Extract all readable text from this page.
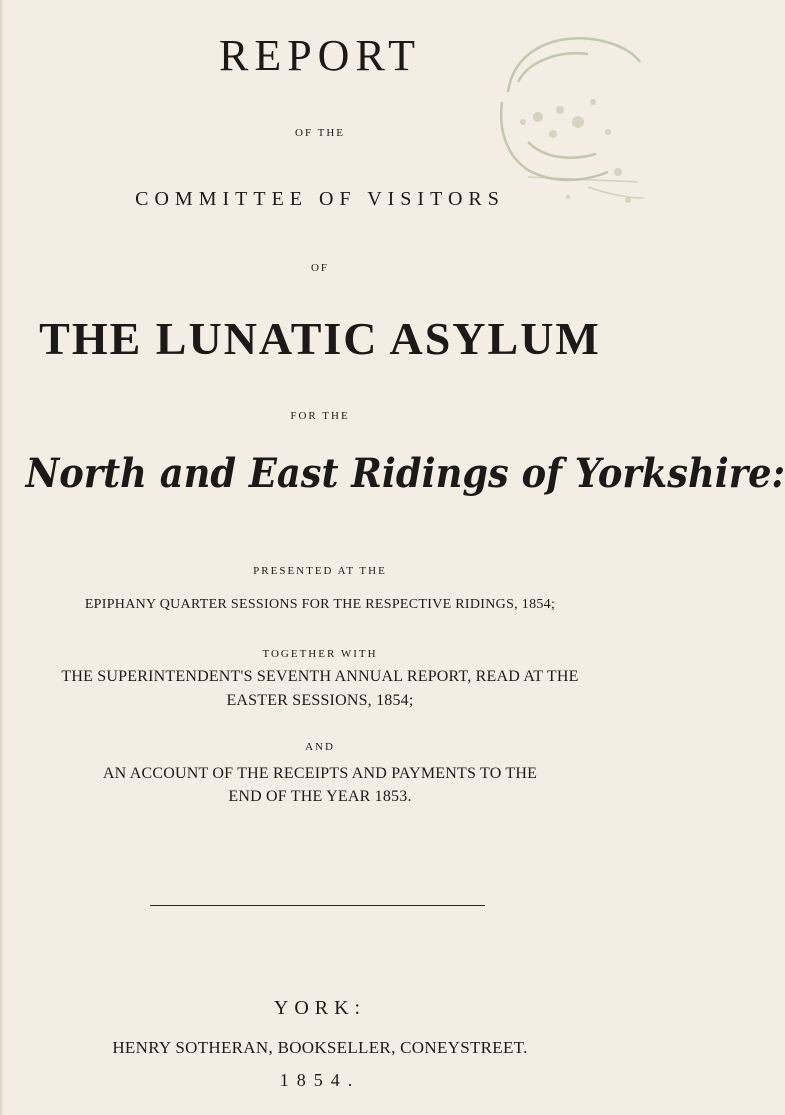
REPORT
OF THE
COMMITTEE OF VISITORS
OF
THE LUNATIC ASYLUM
FOR THE
North and East Ridings of Yorkshire:
PRESENTED AT THE
EPIPHANY QUARTER SESSIONS FOR THE RESPECTIVE RIDINGS, 1854;
TOGETHER WITH
THE SUPERINTENDENT'S SEVENTH ANNUAL REPORT, READ AT THE
EASTER SESSIONS, 1854;
AND
AN ACCOUNT OF THE RECEIPTS AND PAYMENTS TO THE
END OF THE YEAR 1853.
YORK:
HENRY SOTHERAN, BOOKSELLER, CONEYSTREET.
1854.
